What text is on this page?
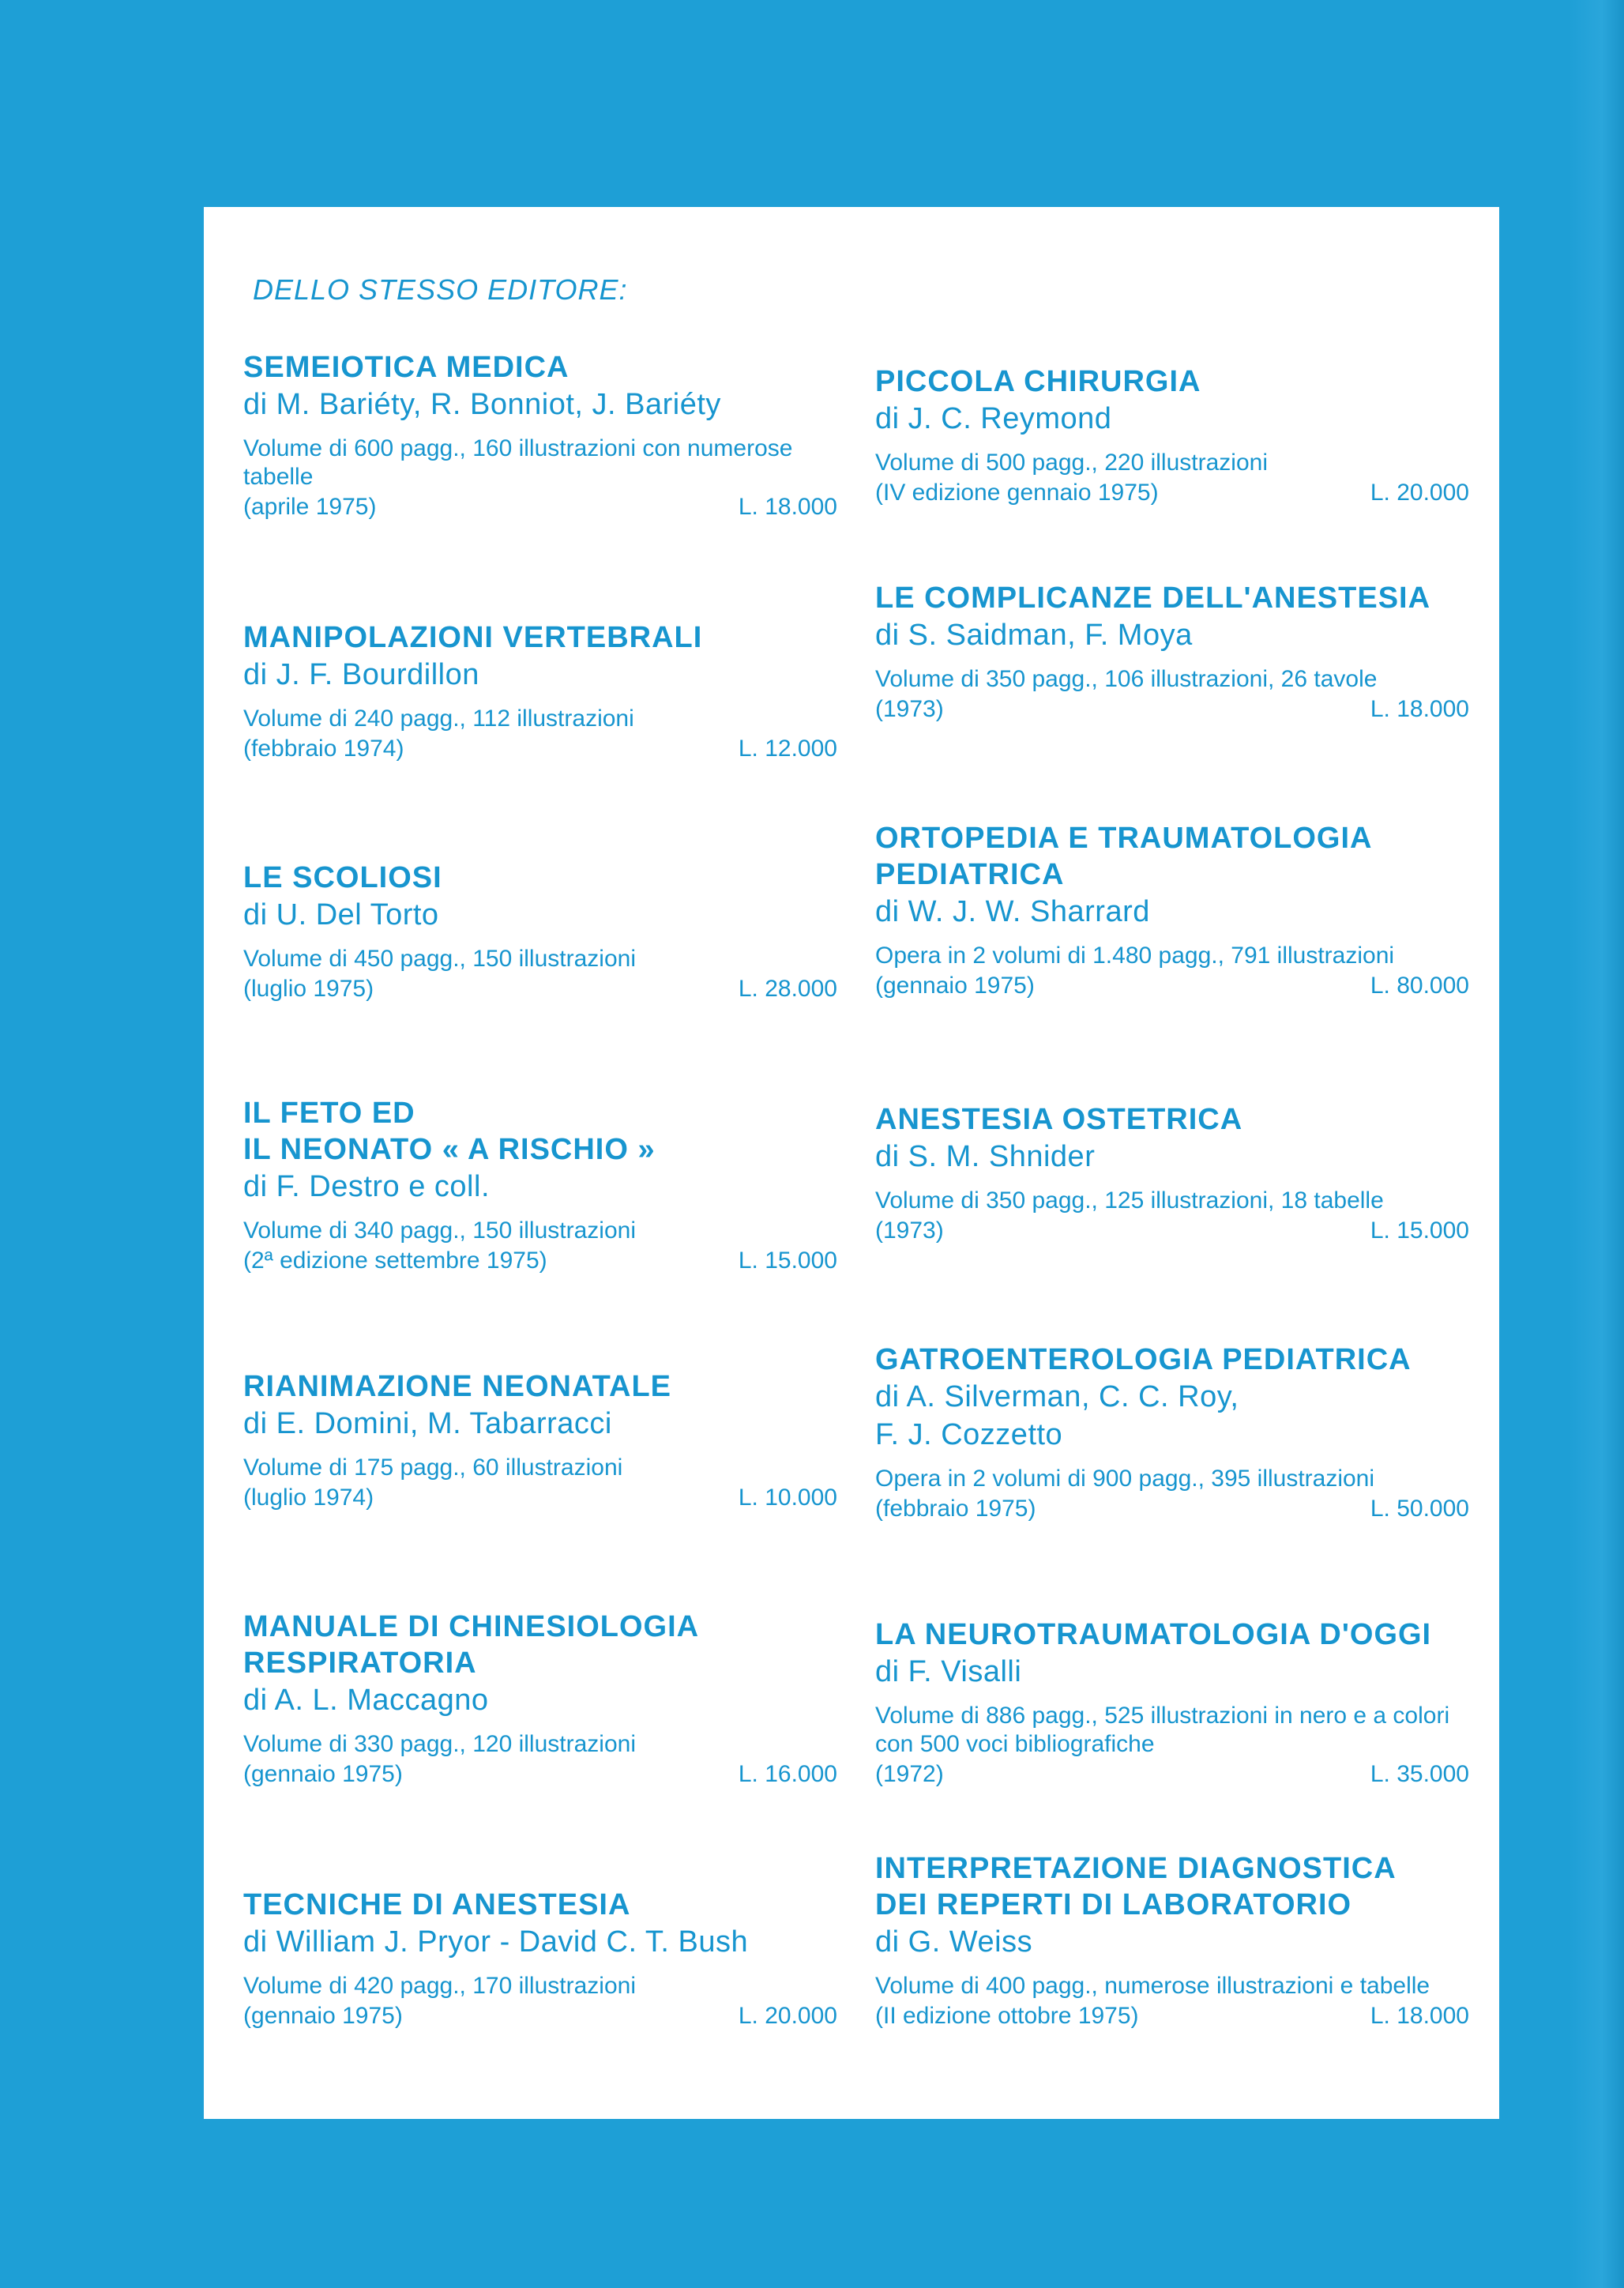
DELLO STESSO EDITORE:

SEMEIOTICA MEDICA

di M. Bariéty, R. Bonniot, J. Bariéty

Volume di 600 pagg., 160 illustrazioni con numerose tabelle

(aprile 1975)	L. 18.000

MANIPOLAZIONI VERTEBRALI

di J. F. Bourdillon

Volume di 240 pagg., 112 illustrazioni

(febbraio 1974)	L. 12.000

LE SCOLIOSI

di U. Del Torto

Volume di 450 pagg., 150 illustrazioni

(luglio 1975)	L. 28.000

IL FETO ED
IL NEONATO « A RISCHIO »

di F. Destro e coll.

Volume di 340 pagg., 150 illustrazioni

(2ª edizione settembre 1975)	L. 15.000

RIANIMAZIONE NEONATALE

di E. Domini, M. Tabarracci

Volume di 175 pagg., 60 illustrazioni

(luglio 1974)	L. 10.000

MANUALE DI CHINESIOLOGIA
RESPIRATORIA

di A. L. Maccagno

Volume di 330 pagg., 120 illustrazioni

(gennaio 1975)	L. 16.000

TECNICHE DI ANESTESIA

di William J. Pryor - David C. T. Bush

Volume di 420 pagg., 170 illustrazioni

(gennaio 1975)	L. 20.000

PICCOLA CHIRURGIA

di J. C. Reymond

Volume di 500 pagg., 220 illustrazioni

(IV edizione gennaio 1975)	L. 20.000

LE COMPLICANZE DELL'ANESTESIA

di S. Saidman, F. Moya

Volume di 350 pagg., 106 illustrazioni, 26 tavole

(1973)	L. 18.000

ORTOPEDIA E TRAUMATOLOGIA
PEDIATRICA

di W. J. W. Sharrard

Opera in 2 volumi di 1.480 pagg., 791 illustrazioni

(gennaio 1975)	L. 80.000

ANESTESIA OSTETRICA

di S. M. Shnider

Volume di 350 pagg., 125 illustrazioni, 18 tabelle

(1973)	L. 15.000

GATROENTEROLOGIA PEDIATRICA

di A. Silverman, C. C. Roy,
F. J. Cozzetto

Opera in 2 volumi di 900 pagg., 395 illustrazioni

(febbraio 1975)	L. 50.000

LA NEUROTRAUMATOLOGIA D'OGGI

di F. Visalli

Volume di 886 pagg., 525 illustrazioni in nero e a colori con 500 voci bibliografiche

(1972)	L. 35.000

INTERPRETAZIONE DIAGNOSTICA
DEI REPERTI DI LABORATORIO

di G. Weiss

Volume di 400 pagg., numerose illustrazioni e tabelle

(II edizione ottobre 1975)	L. 18.000
